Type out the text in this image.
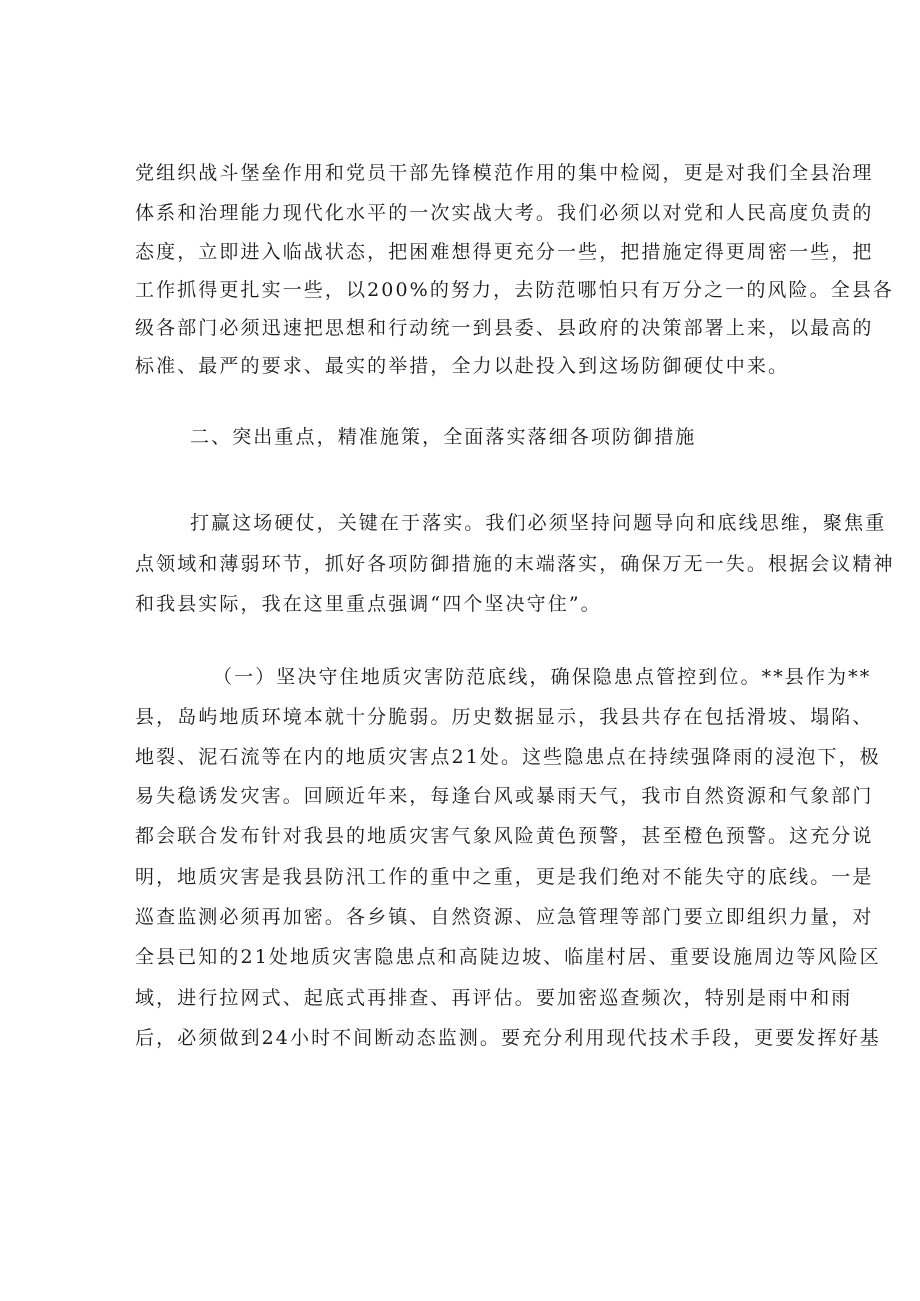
党组织战斗堡垒作用和党员干部先锋模范作用的集中检阅，更是对我们全县治理
体系和治理能力现代化水平的一次实战大考。我们必须以对党和人民高度负责的
态度，立即进入临战状态，把困难想得更充分一些，把措施定得更周密一些，把
工作抓得更扎实一些，以200%的努力，去防范哪怕只有万分之一的风险。全县各
级各部门必须迅速把思想和行动统一到县委、县政府的决策部署上来，以最高的
标准、最严的要求、最实的举措，全力以赴投入到这场防御硬仗中来。
二、突出重点，精准施策，全面落实落细各项防御措施
打赢这场硬仗，关键在于落实。我们必须坚持问题导向和底线思维，聚焦重
点领域和薄弱环节，抓好各项防御措施的末端落实，确保万无一失。根据会议精神
和我县实际，我在这里重点强调“四个坚决守住”。
（一）坚决守住地质灾害防范底线，确保隐患点管控到位。**县作为**
县，岛屿地质环境本就十分脆弱。历史数据显示，我县共存在包括滑坡、塌陷、
地裂、泥石流等在内的地质灾害点21处。这些隐患点在持续强降雨的浸泡下，极
易失稳诱发灾害。回顾近年来，每逢台风或暴雨天气，我市自然资源和气象部门
都会联合发布针对我县的地质灾害气象风险黄色预警，甚至橙色预警。这充分说
明，地质灾害是我县防汛工作的重中之重，更是我们绝对不能失守的底线。一是
巡查监测必须再加密。各乡镇、自然资源、应急管理等部门要立即组织力量，对
全县已知的21处地质灾害隐患点和高陡边坡、临崖村居、重要设施周边等风险区
域，进行拉网式、起底式再排查、再评估。要加密巡查频次，特别是雨中和雨
后，必须做到24小时不间断动态监测。要充分利用现代技术手段，更要发挥好基
